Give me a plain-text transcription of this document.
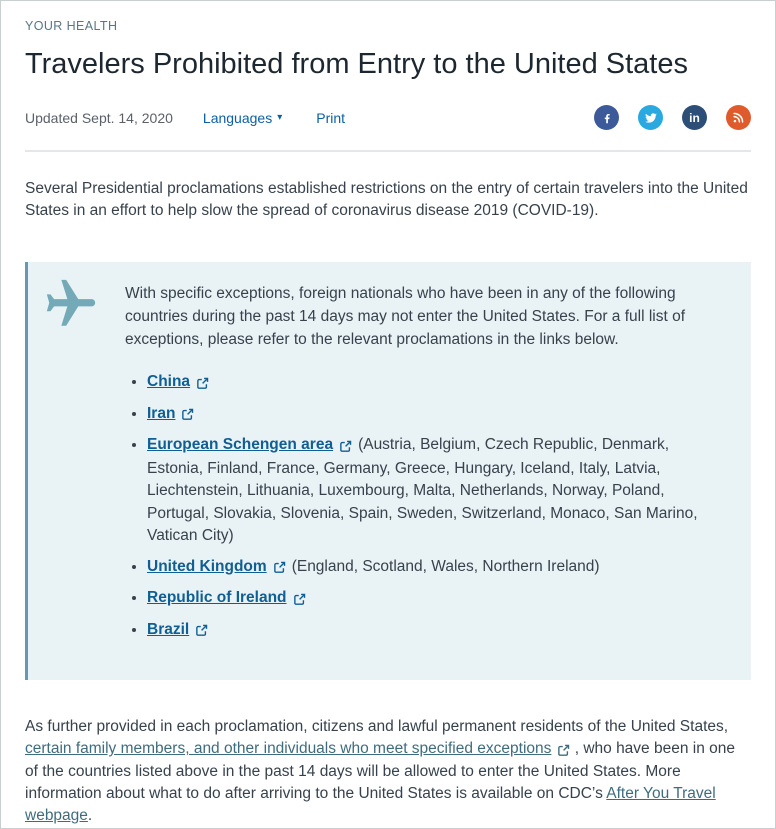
YOUR HEALTH
Travelers Prohibited from Entry to the United States
Updated Sept. 14, 2020 Languages ▾ Print	in

Several Presidential proclamations established restrictions on the entry of certain travelers into the United States in an effort to help slow the spread of coronavirus disease 2019 (COVID-19).

With specific exceptions, foreign nationals who have been in any of the following countries during the past 14 days may not enter the United States. For a full list of exceptions, please refer to the relevant proclamations in the links below.

• China
• Iran
• European Schengen area (Austria, Belgium, Czech Republic, Denmark, Estonia, Finland, France, Germany, Greece, Hungary, Iceland, Italy, Latvia, Liechtenstein, Lithuania, Luxembourg, Malta, Netherlands, Norway, Poland, Portugal, Slovakia, Slovenia, Spain, Sweden, Switzerland, Monaco, San Marino, Vatican City)
• United Kingdom (England, Scotland, Wales, Northern Ireland)
• Republic of Ireland
• Brazil

As further provided in each proclamation, citizens and lawful permanent residents of the United States, certain family members, and other individuals who meet specified exceptions , who have been in one of the countries listed above in the past 14 days will be allowed to enter the United States. More information about what to do after arriving to the United States is available on CDC’s After You Travel webpage.
